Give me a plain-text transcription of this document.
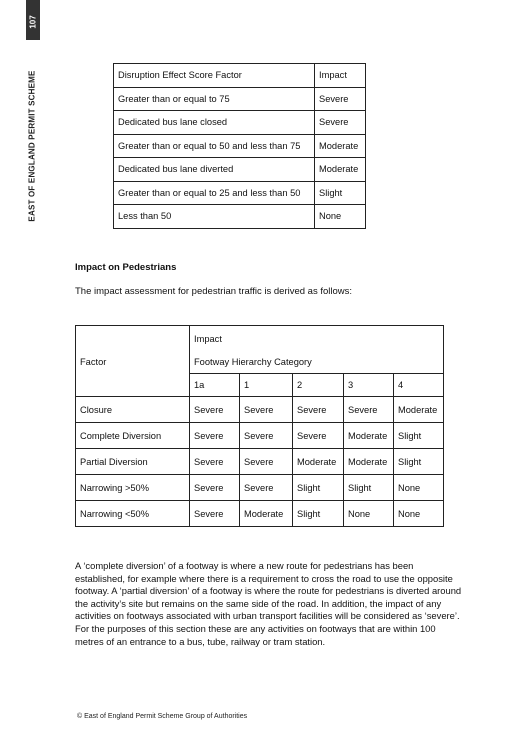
107
EAST OF ENGLAND PERMIT SCHEME	Disruption Effect Score Factor	Impact
Greater than or equal to 75	Severe
Dedicated bus lane closed	Severe
Greater than or equal to 50 and less than 75	Moderate
Dedicated bus lane diverted	Moderate
Greater than or equal to 25 and less than 50	Slight
Less than 50	None
Impact on Pedestrians
The impact assessment for pedestrian traffic is derived as follows:
	Impact				
Factor	Footway Hierarchy Category				
	1a	1	2	3	4
Closure	Severe	Severe	Severe	Severe	Moderate
Complete Diversion	Severe	Severe	Severe	Moderate	Slight
Partial Diversion	Severe	Severe	Moderate	Moderate	Slight
Narrowing >50%	Severe	Severe	Slight	Slight	None
Narrowing <50%	Severe	Moderate	Slight	None	None

A ‘complete diversion’ of a footway is where a new route for pedestrians has been established, for example where there is a requirement to cross the road to use the opposite footway. A ‘partial diversion’ of a footway is where the route for pedestrians is diverted around the activity’s site but remains on the same side of the road. In addition, the impact of any activities on footways associated with urban transport facilities will be considered as ‘severe’. For the purposes of this section these are any activities on footways that are within 100 metres of an entrance to a bus, tube, railway or tram station.

© East of England Permit Scheme Group of Authorities
